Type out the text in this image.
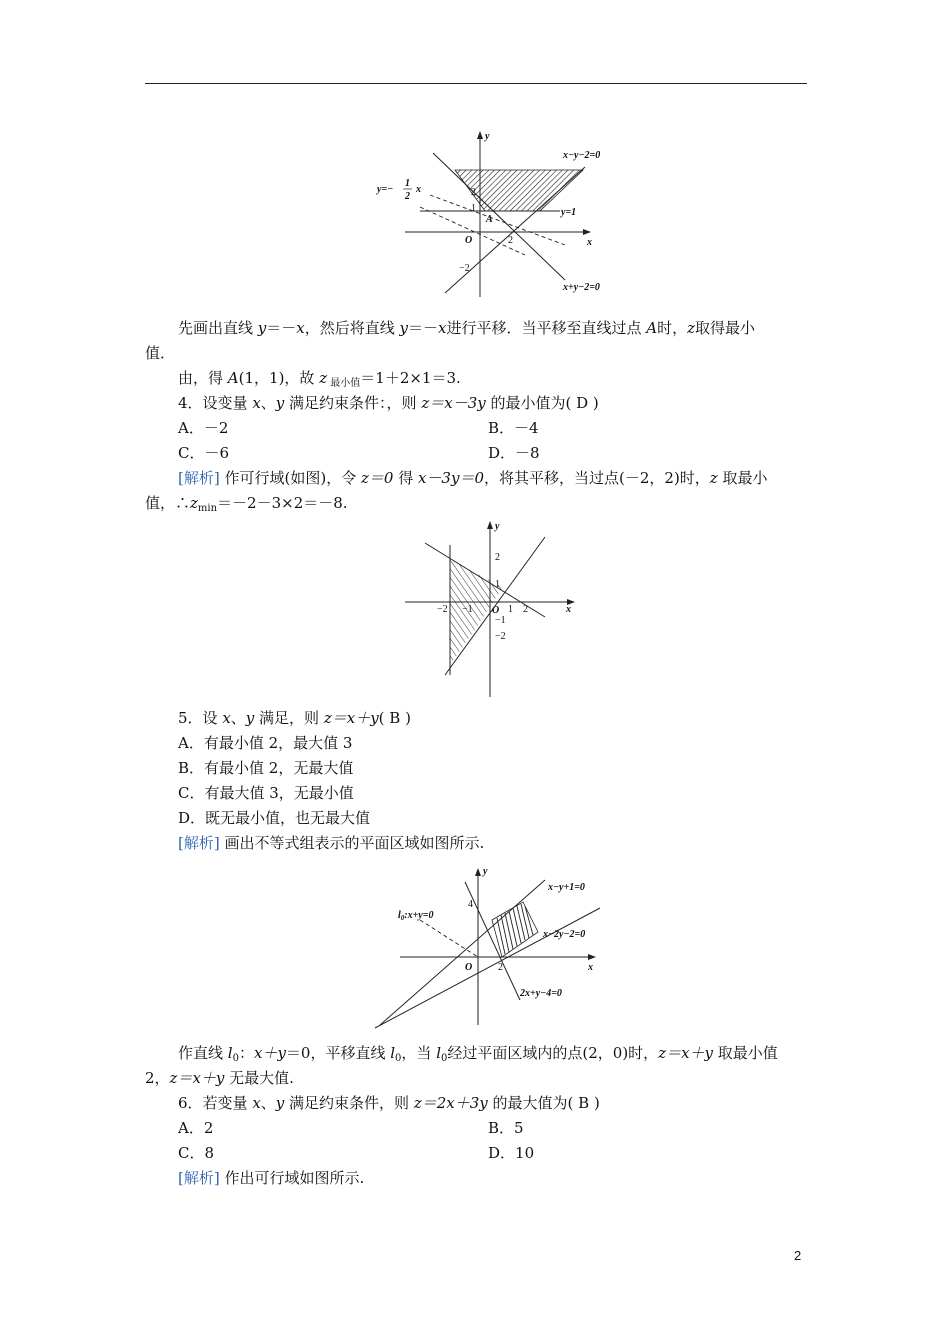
x
y
O
A
x−y−2=0
x+y−2=0
y=1
y=−
1
2
x	2
1
2
−2
先画出直线 y＝－x，然后将直线 y＝－x进行平移．当平移至直线过点 A时，z取得最小
值．
由，得 A(1，1)，故 z $_{最小值}$＝1＋2×1＝3.
4．设变量 x、y 满足约束条件：，则 z＝x－3y 的最小值为( D )
A．－2	B．－4
C．－6	D．－8
[解析] 作可行域(如图)，令 z＝0 得 x－3y＝0，将其平移，当过点(－2，2)时，z 取最小
值，$\therefore z_{min}=-2-3\times 2=-8$.
x
y
O
2
1
−1
−2
−2 −1	1 2
5．设 x、y 满足，则 z＝x＋y( B )
A．有最小值 2，最大值 3
B．有最小值 2，无最大值
C．有最大值 3，无最小值
D．既无最小值，也无最大值
[解析] 画出不等式组表示的平面区域如图所示.
x
y
O
4
2
$l_0:x+y=0$
x−y+1=0
x−2y−2=0
2x+y−4=0
作直线 $l_0$：x＋y＝0，平移直线 $l_0$，当 $l_0$经过平面区域内的点(2，0)时，z＝x＋y 取最小值
2，z＝x＋y 无最大值.
6．若变量 x、y 满足约束条件，则 z＝2x＋3y 的最大值为( B )
A．2	B．5
C．8	D．10
[解析] 作出可行域如图所示.
2
